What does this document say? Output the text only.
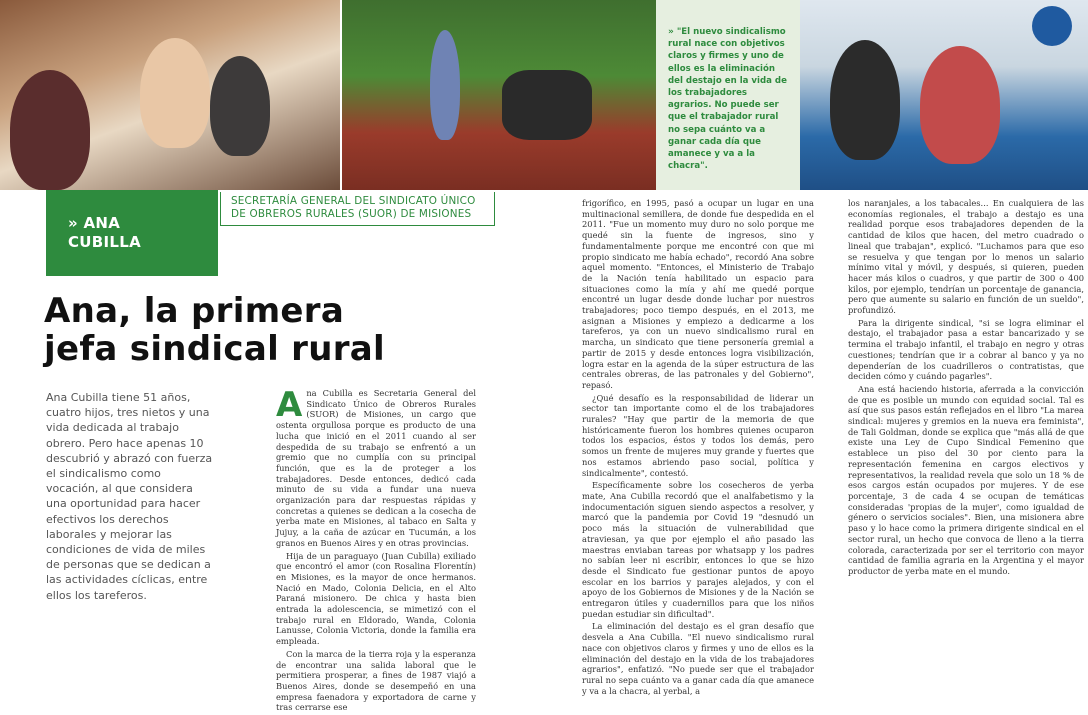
» "El nuevo sindicalismo rural nace con objetivos claros y firmes y uno de ellos es la eliminación del destajo en la vida de los trabajadores agrarios. No puede ser que el trabajador rural no sepa cuánto va a ganar cada día que amanece y va a la chacra".

» ANA
CUBILLA
SECRETARÍA GENERAL DEL SINDICATO ÚNICO
DE OBREROS RURALES (SUOR) DE MISIONES
Ana, la primera
jefa sindical rural

Ana Cubilla tiene 51 años, cuatro hijos, tres nietos y una vida dedicada al trabajo obrero. Pero hace apenas 10 descubrió y abrazó con fuerza el sindicalismo como vocación, al que considera una oportunidad para hacer efectivos los derechos laborales y mejorar las condiciones de vida de miles de personas que se dedican a las actividades cíclicas, entre ellos los tareferos.

A na Cubilla es Secretaria General del Sindicato Único de Obreros Rurales (SUOR) de Misiones, un cargo que ostenta orgullosa porque es producto de una lucha que inició en el 2011 cuando al ser despedida de su trabajo se enfrentó a un gremio que no cumplía con su principal función, que es la de proteger a los trabajadores. Desde entonces, dedicó cada minuto de su vida a fundar una nueva organización para dar respuestas rápidas y concretas a quienes se dedican a la cosecha de yerba mate en Misiones, al tabaco en Salta y Jujuy, a la caña de azúcar en Tucumán, a los granos en Buenos Aires y en otras provincias.

Hija de un paraguayo (Juan Cubilla) exiliado que encontró el amor (con Rosalina Florentín) en Misiones, es la mayor de once hermanos. Nació en Mado, Colonia Delicia, en el Alto Paraná misionero. De chica y hasta bien entrada la adolescencia, se mimetizó con el trabajo rural en Eldorado, Wanda, Colonia Lanusse, Colonia Victoria, donde la familia era empleada.

Con la marca de la tierra roja y la esperanza de encontrar una salida laboral que le permitiera prosperar, a fines de 1987 viajó a Buenos Aires, donde se desempeñó en una empresa faenadora y exportadora de carne y tras cerrarse ese

frigorífico, en 1995, pasó a ocupar un lugar en una multinacional semillera, de donde fue despedida en el 2011. "Fue un momento muy duro no solo porque me quedé sin la fuente de ingresos, sino y fundamentalmente porque me encontré con que mi propio sindicato me había echado", recordó Ana sobre aquel momento. "Entonces, el Ministerio de Trabajo de la Nación tenía habilitado un espacio para situaciones como la mía y ahí me quedé porque encontré un lugar desde donde luchar por nuestros trabajadores; poco tiempo después, en el 2013, me asignan a Misiones y empiezo a dedicarme a los tareferos, ya con un nuevo sindicalismo rural en marcha, un sindicato que tiene personería gremial a partir de 2015 y desde entonces logra visibilización, logra estar en la agenda de la súper estructura de las centrales obreras, de las patronales y del Gobierno", repasó.

¿Qué desafío es la responsabilidad de liderar un sector tan importante como el de los trabajadores rurales? "Hay que partir de la memoria de que históricamente fueron los hombres quienes ocuparon todos los espacios, éstos y todos los demás, pero somos un frente de mujeres muy grande y fuertes que nos estamos abriendo paso social, política y sindicalmente", contestó.

Específicamente sobre los cosecheros de yerba mate, Ana Cubilla recordó que el analfabetismo y la indocumentación siguen siendo aspectos a resolver, y marcó que la pandemia por Covid 19 "desnudó un poco más la situación de vulnerabilidad que atraviesan, ya que por ejemplo el año pasado las maestras enviaban tareas por whatsapp y los padres no sabían leer ni escribir, entonces lo que se hizo desde el Sindicato fue gestionar puntos de apoyo escolar en los barrios y parajes alejados, y con el apoyo de los Gobiernos de Misiones y de la Nación se entregaron útiles y cuadernillos para que los niños puedan estudiar sin dificultad".

La eliminación del destajo es el gran desafío que desvela a Ana Cubilla. "El nuevo sindicalismo rural nace con objetivos claros y firmes y uno de ellos es la eliminación del destajo en la vida de los trabajadores agrarios", enfatizó. "No puede ser que el trabajador rural no sepa cuánto va a ganar cada día que amanece y va a la chacra, al yerbal, a

los naranjales, a los tabacales... En cualquiera de las economías regionales, el trabajo a destajo es una realidad porque esos trabajadores dependen de la cantidad de kilos que hacen, del metro cuadrado o lineal que trabajan", explicó. "Luchamos para que eso se resuelva y que tengan por lo menos un salario mínimo vital y móvil, y después, si quieren, pueden hacer más kilos o cuadros, y que partir de 300 o 400 kilos, por ejemplo, tendrían un porcentaje de ganancia, pero que aumente su salario en función de un sueldo", profundizó.

Para la dirigente sindical, "si se logra eliminar el destajo, el trabajador pasa a estar bancarizado y se termina el trabajo infantil, el trabajo en negro y otras cuestiones; tendrían que ir a cobrar al banco y ya no dependerían de los cuadrilleros o contratistas, que deciden cómo y cuándo pagarles".

Ana está haciendo historia, aferrada a la convicción de que es posible un mundo con equidad social. Tal es así que sus pasos están reflejados en el libro "La marea sindical: mujeres y gremios en la nueva era feminista", de Tali Goldman, donde se explica que "más allá de que existe una Ley de Cupo Sindical Femenino que establece un piso del 30 por ciento para la representación femenina en cargos electivos y representativos, la realidad revela que solo un 18 % de esos cargos están ocupados por mujeres. Y de ese porcentaje, 3 de cada 4 se ocupan de temáticas consideradas 'propias de la mujer', como igualdad de género o servicios sociales". Bien, una misionera abre paso y lo hace como la primera dirigente sindical en el sector rural, un hecho que convoca de lleno a la tierra colorada, caracterizada por ser el territorio con mayor cantidad de familia agraria en la Argentina y el mayor productor de yerba mate en el mundo.
